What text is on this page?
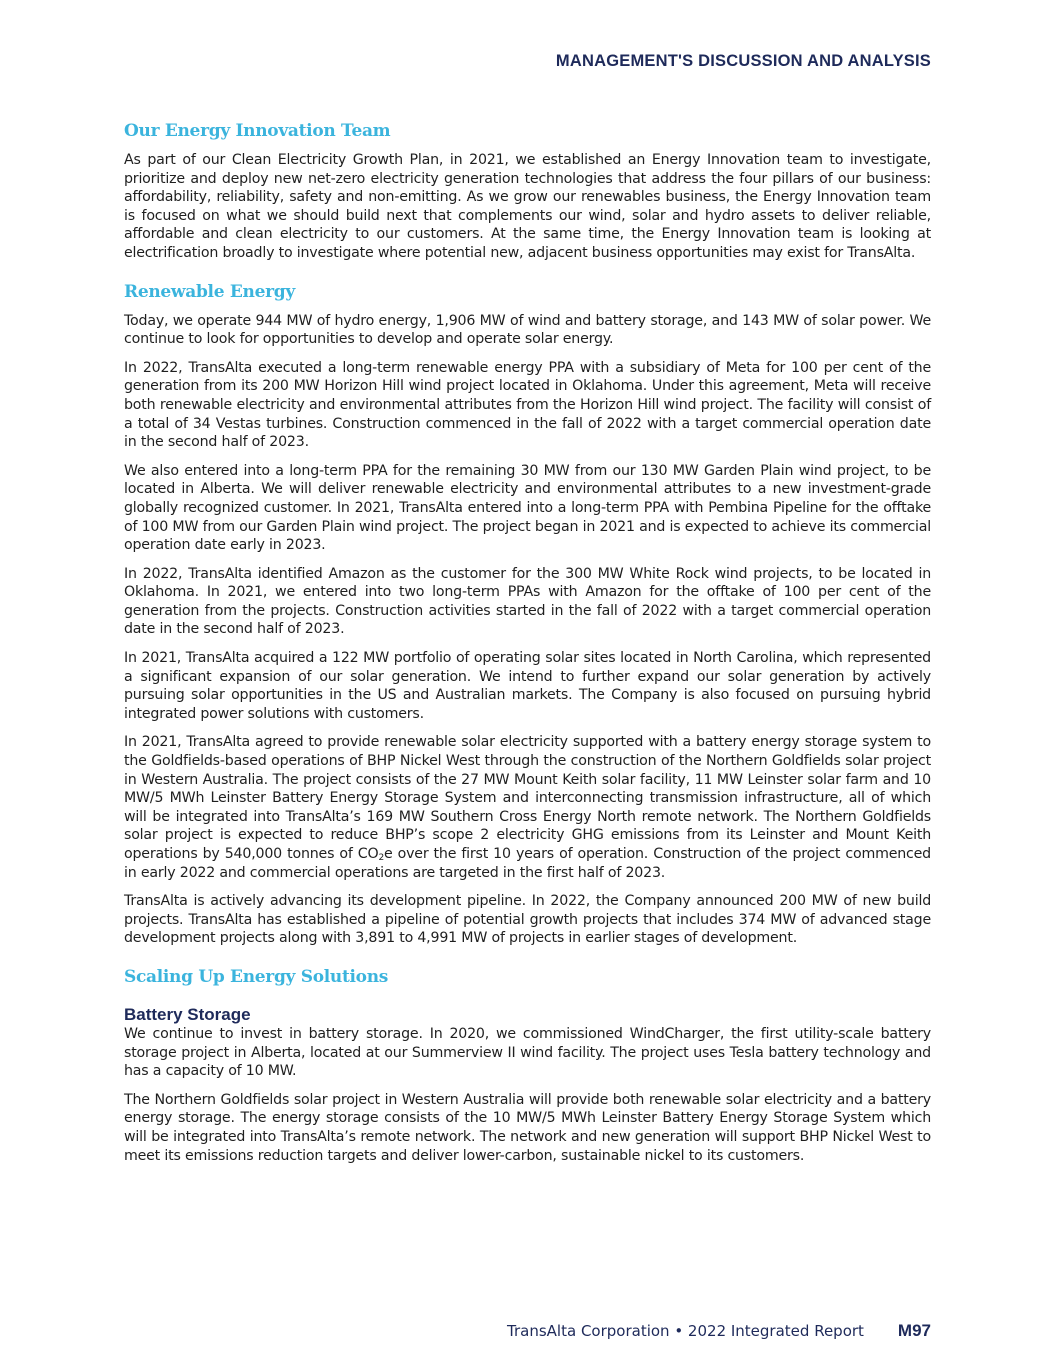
MANAGEMENT'S DISCUSSION AND ANALYSIS
Our Energy Innovation Team

As part of our Clean Electricity Growth Plan, in 2021, we established an Energy Innovation team to investigate, prioritize and deploy new net-zero electricity generation technologies that address the four pillars of our business: affordability, reliability, safety and non-emitting. As we grow our renewables business, the Energy Innovation team is focused on what we should build next that complements our wind, solar and hydro assets to deliver reliable, affordable and clean electricity to our customers. At the same time, the Energy Innovation team is looking at electrification broadly to investigate where potential new, adjacent business opportunities may exist for TransAlta.

Renewable Energy

Today, we operate 944 MW of hydro energy, 1,906 MW of wind and battery storage, and 143 MW of solar power. We continue to look for opportunities to develop and operate solar energy.

In 2022, TransAlta executed a long-term renewable energy PPA with a subsidiary of Meta for 100 per cent of the generation from its 200 MW Horizon Hill wind project located in Oklahoma. Under this agreement, Meta will receive both renewable electricity and environmental attributes from the Horizon Hill wind project. The facility will consist of a total of 34 Vestas turbines. Construction commenced in the fall of 2022 with a target commercial operation date in the second half of 2023.

We also entered into a long-term PPA for the remaining 30 MW from our 130 MW Garden Plain wind project, to be located in Alberta. We will deliver renewable electricity and environmental attributes to a new investment-grade globally recognized customer. In 2021, TransAlta entered into a long-term PPA with Pembina Pipeline for the offtake of 100 MW from our Garden Plain wind project. The project began in 2021 and is expected to achieve its commercial operation date early in 2023.

In 2022, TransAlta identified Amazon as the customer for the 300 MW White Rock wind projects, to be located in Oklahoma. In 2021, we entered into two long-term PPAs with Amazon for the offtake of 100 per cent of the generation from the projects. Construction activities started in the fall of 2022 with a target commercial operation date in the second half of 2023.

In 2021, TransAlta acquired a 122 MW portfolio of operating solar sites located in North Carolina, which represented a significant expansion of our solar generation. We intend to further expand our solar generation by actively pursuing solar opportunities in the US and Australian markets. The Company is also focused on pursuing hybrid integrated power solutions with customers.

In 2021, TransAlta agreed to provide renewable solar electricity supported with a battery energy storage system to the Goldfields-based operations of BHP Nickel West through the construction of the Northern Goldfields solar project in Western Australia. The project consists of the 27 MW Mount Keith solar facility, 11 MW Leinster solar farm and 10 MW/5 MWh Leinster Battery Energy Storage System and interconnecting transmission infrastructure, all of which will be integrated into TransAlta’s 169 MW Southern Cross Energy North remote network. The Northern Goldfields solar project is expected to reduce BHP’s scope 2 electricity GHG emissions from its Leinster and Mount Keith operations by 540,000 tonnes of $CO_2e$ over the first 10 years of operation. Construction of the project commenced in early 2022 and commercial operations are targeted in the first half of 2023.

TransAlta is actively advancing its development pipeline. In 2022, the Company announced 200 MW of new build projects. TransAlta has established a pipeline of potential growth projects that includes 374 MW of advanced stage development projects along with 3,891 to 4,991 MW of projects in earlier stages of development.

Scaling Up Energy Solutions
Battery Storage

We continue to invest in battery storage. In 2020, we commissioned WindCharger, the first utility-scale battery storage project in Alberta, located at our Summerview II wind facility. The project uses Tesla battery technology and has a capacity of 10 MW.

The Northern Goldfields solar project in Western Australia will provide both renewable solar electricity and a battery energy storage. The energy storage consists of the 10 MW/5 MWh Leinster Battery Energy Storage System which will be integrated into TransAlta’s remote network. The network and new generation will support BHP Nickel West to meet its emissions reduction targets and deliver lower-carbon, sustainable nickel to its customers.

TransAlta Corporation • 2022 Integrated Report M97
